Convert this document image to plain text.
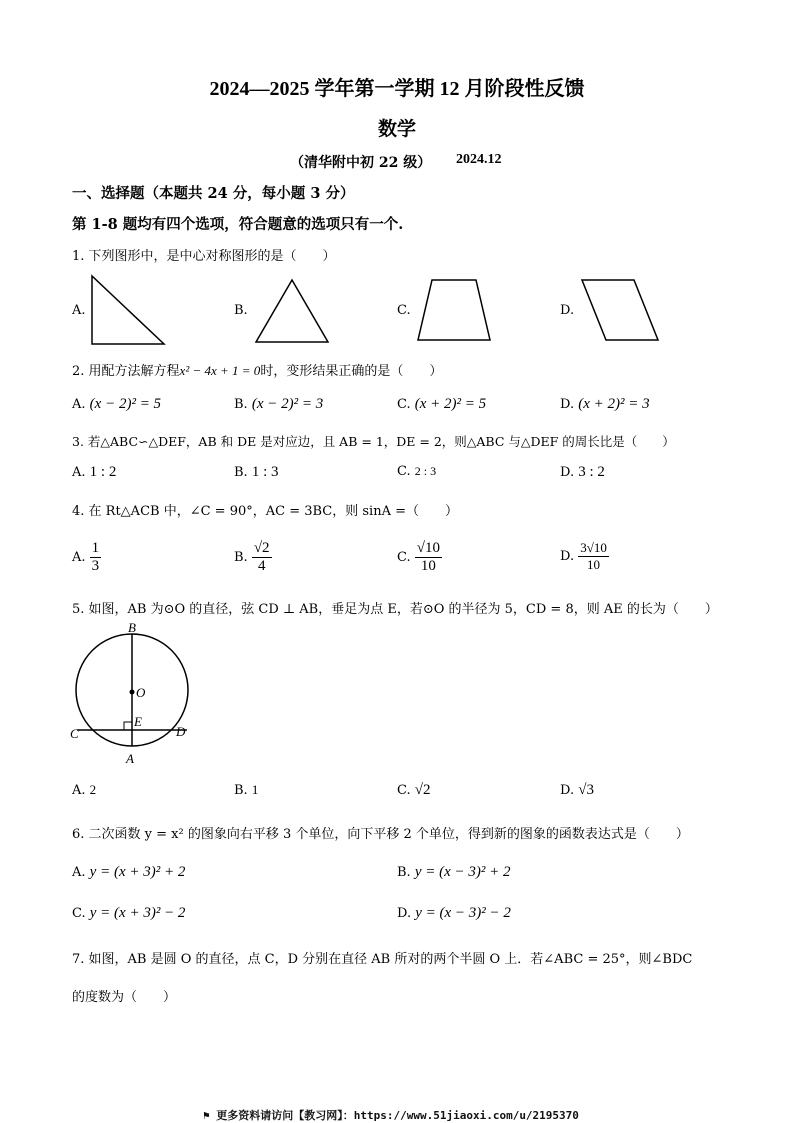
2024—2025 学年第一学期 12 月阶段性反馈
数学
（清华附中初 22 级） 2024.12
一、选择题（本题共 24 分，每小题 3 分）
第 1-8 题均有四个选项，符合题意的选项只有一个.
1. 下列图形中，是中心对称图形的是（　　）
A.	B.	C.	D.
2. 用配方法解方程x² − 4x + 1 = 0时，变形结果正确的是（　　）
A. (x − 2)² = 5	B. (x − 2)² = 3	C. (x + 2)² = 5	D. (x + 2)² = 3
3. 若△ABC∽△DEF，AB 和 DE 是对应边，且 AB = 1，DE = 2，则△ABC 与△DEF 的周长比是（　　）
A. 1 : 2	B. 1 : 3	C. 2 : 3	D. 3 : 2
4. 在 Rt△ACB 中，∠C = 90°，AC = 3BC，则 sinA =（　　）
A. $\frac{1}{3}$	B. $\frac{√2}{4}$	C. $\frac{√10}{10}$	D. $\frac{3√10}{10}$
5. 如图，AB 为⊙O 的直径，弦 CD ⊥ AB，垂足为点 E，若⊙O 的半径为 5，CD = 8，则 AE 的长为（　　）
B
O
E
C	D
A
A. 2	B. 1	C. √2	D. √3
6. 二次函数 y = x² 的图象向右平移 3 个单位，向下平移 2 个单位，得到新的图象的函数表达式是（　　）
A. y = (x + 3)² + 2	B. y = (x − 3)² + 2
C. y = (x + 3)² − 2	D. y = (x − 3)² − 2
7. 如图，AB 是圆 O 的直径，点 C，D 分别在直径 AB 所对的两个半圆 O 上．若∠ABC = 25°，则∠BDC
的度数为（　　）
⚑ 更多资料请访问【教习网】：https://www.51jiaoxi.com/u/2195370
